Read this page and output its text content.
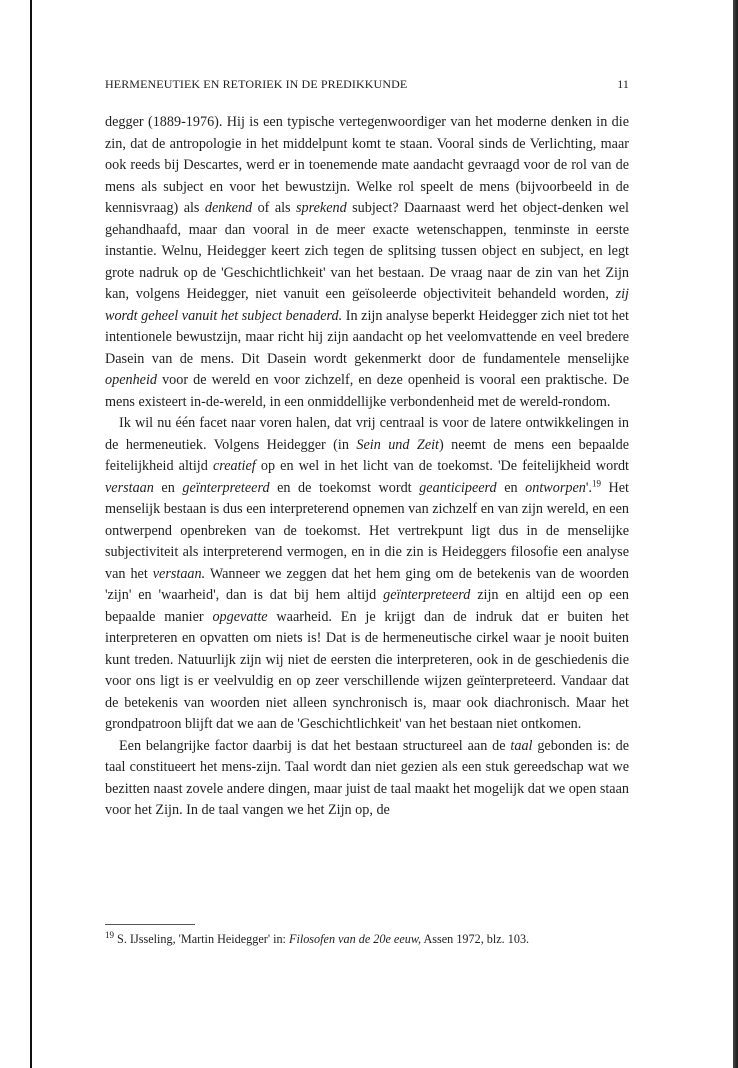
HERMENEUTIEK EN RETORIEK IN DE PREDIKKUNDE	11

degger (1889-1976). Hij is een typische vertegenwoordiger van het moderne denken in die zin, dat de antropologie in het middelpunt komt te staan. Vooral sinds de Verlichting, maar ook reeds bij Descartes, werd er in toenemende mate aandacht gevraagd voor de rol van de mens als subject en voor het bewustzijn. Welke rol speelt de mens (bijvoorbeeld in de kennisvraag) als denkend of als sprekend subject? Daarnaast werd het object-denken wel gehandhaafd, maar dan vooral in de meer exacte wetenschappen, tenminste in eerste instantie. Welnu, Heidegger keert zich tegen de splitsing tussen object en subject, en legt grote nadruk op de 'Geschichtlichkeit' van het bestaan. De vraag naar de zin van het Zijn kan, volgens Heidegger, niet vanuit een geïsoleerde objectiviteit behandeld worden, zij wordt geheel vanuit het subject benaderd. In zijn analyse beperkt Heidegger zich niet tot het intentionele bewustzijn, maar richt hij zijn aandacht op het veelomvattende en veel bredere Dasein van de mens. Dit Dasein wordt gekenmerkt door de fundamentele menselijke openheid voor de wereld en voor zichzelf, en deze openheid is vooral een praktische. De mens existeert in-de-wereld, in een onmiddellijke verbondenheid met de wereld-rondom.

Ik wil nu één facet naar voren halen, dat vrij centraal is voor de latere ontwikkelingen in de hermeneutiek. Volgens Heidegger (in Sein und Zeit) neemt de mens een bepaalde feitelijkheid altijd creatief op en wel in het licht van de toekomst. 'De feitelijkheid wordt verstaan en geïnterpreteerd en de toekomst wordt geanticipeerd en ontworpen'.$^{19}$ Het menselijk bestaan is dus een interpreterend opnemen van zichzelf en van zijn wereld, en een ontwerpend openbreken van de toekomst. Het vertrekpunt ligt dus in de menselijke subjectiviteit als interpreterend vermogen, en in die zin is Heideggers filosofie een analyse van het verstaan. Wanneer we zeggen dat het hem ging om de betekenis van de woorden 'zijn' en 'waarheid', dan is dat bij hem altijd geïnterpreteerd zijn en altijd een op een bepaalde manier opgevatte waarheid. En je krijgt dan de indruk dat er buiten het interpreteren en opvatten om niets is! Dat is de hermeneutische cirkel waar je nooit buiten kunt treden. Natuurlijk zijn wij niet de eersten die interpreteren, ook in de geschiedenis die voor ons ligt is er veelvuldig en op zeer verschillende wijzen geïnterpreteerd. Vandaar dat de betekenis van woorden niet alleen synchronisch is, maar ook diachronisch. Maar het grondpatroon blijft dat we aan de 'Geschichtlichkeit' van het bestaan niet ontkomen.

Een belangrijke factor daarbij is dat het bestaan structureel aan de taal gebonden is: de taal constitueert het mens-zijn. Taal wordt dan niet gezien als een stuk gereedschap wat we bezitten naast zovele andere dingen, maar juist de taal maakt het mogelijk dat we open staan voor het Zijn. In de taal vangen we het Zijn op, de

$^{19}$ S. IJsseling, 'Martin Heidegger' in: Filosofen van de 20e eeuw, Assen 1972, blz. 103.
